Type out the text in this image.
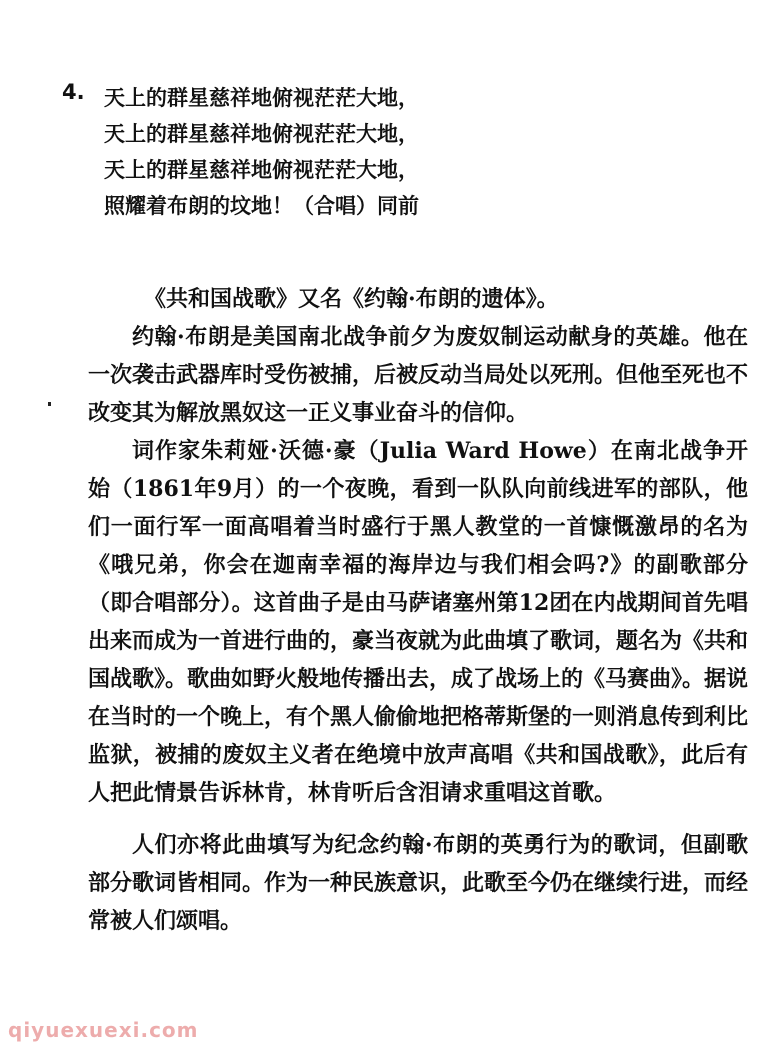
4. 天上的群星慈祥地俯视茫茫大地，
天上的群星慈祥地俯视茫茫大地，
天上的群星慈祥地俯视茫茫大地，
照耀着布朗的坟地！（合唱）同前

《共和国战歌》又名《约翰·布朗的遗体》。

约翰·布朗是美国南北战争前夕为废奴制运动献身的英雄。他在一次袭击武器库时受伤被捕，后被反动当局处以死刑。但他至死也不改变其为解放黑奴这一正义事业奋斗的信仰。

词作家朱莉娅·沃德·豪（Julia Ward Howe）在南北战争开始（1861年9月）的一个夜晚，看到一队队向前线进军的部队，他们一面行军一面高唱着当时盛行于黑人教堂的一首慷慨激昂的名为《哦兄弟，你会在迦南幸福的海岸边与我们相会吗?》的副歌部分（即合唱部分）。这首曲子是由马萨诸塞州第12团在内战期间首先唱出来而成为一首进行曲的，豪当夜就为此曲填了歌词，题名为《共和国战歌》。歌曲如野火般地传播出去，成了战场上的《马赛曲》。据说在当时的一个晚上，有个黑人偷偷地把格蒂斯堡的一则消息传到利比监狱，被捕的废奴主义者在绝境中放声高唱《共和国战歌》，此后有人把此情景告诉林肯，林肯听后含泪请求重唱这首歌。

人们亦将此曲填写为纪念约翰·布朗的英勇行为的歌词，但副歌部分歌词皆相同。作为一种民族意识，此歌至今仍在继续行进，而经常被人们颂唱。

qiyuexuexi.com
